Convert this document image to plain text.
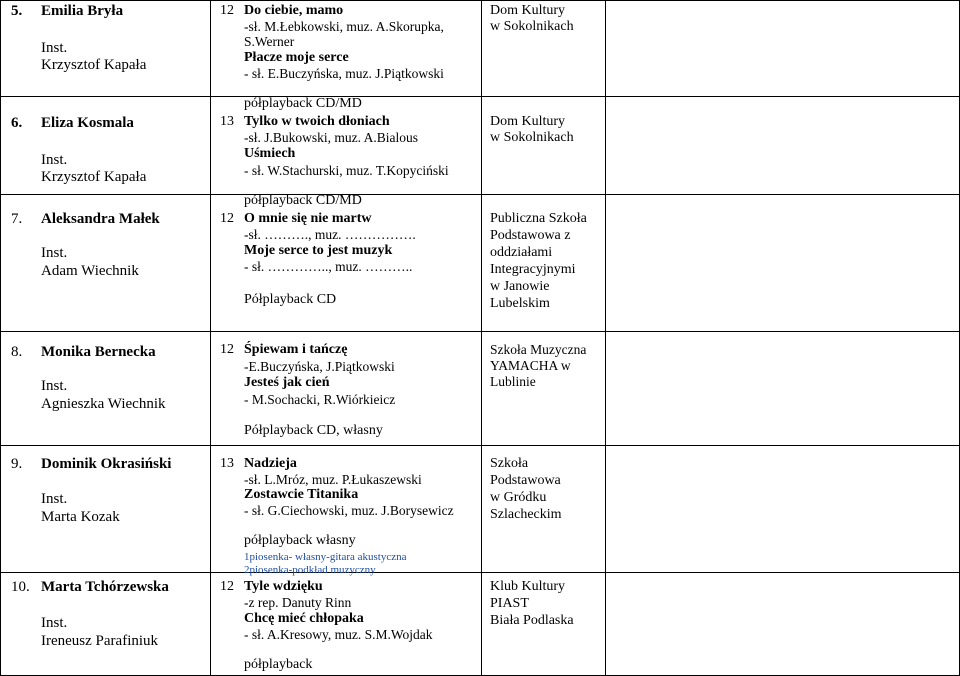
5. Emilia Bryła
Inst.
Krzysztof Kapała
12 Do ciebie, mamo
-sł. M.Łebkowski, muz. A.Skorupka,
S.Werner
Płacze moje serce
- sł. E.Buczyńska, muz. J.Piątkowski
półplayback CD/MD
Dom Kultury
w Sokolnikach
6. Eliza Kosmala
Inst.
Krzysztof Kapała
13 Tylko w twoich dłoniach
-sł. J.Bukowski, muz. A.Bialous
Uśmiech
- sł. W.Stachurski, muz. T.Kopyciński
półplayback CD/MD
Dom Kultury
w Sokolnikach
7. Aleksandra Małek
Inst.
Adam Wiechnik
12 O mnie się nie martw
-sł. ………., muz. …………….
Moje serce to jest muzyk
- sł. ………….., muz. ………..
Półplayback CD
Publiczna Szkoła
Podstawowa z
oddziałami
Integracyjnymi
w Janowie
Lubelskim
8. Monika Bernecka
Inst.
Agnieszka Wiechnik
12 Śpiewam i tańczę
-E.Buczyńska, J.Piątkowski
Jesteś jak cień
- M.Sochacki, R.Wiórkieicz
Półplayback CD, własny
Szkoła Muzyczna
YAMACHA w
Lublinie
9. Dominik Okrasiński
Inst.
Marta Kozak
13 Nadzieja
-sł. L.Mróz, muz. P.Łukaszewski
Zostawcie Titanika
- sł. G.Ciechowski, muz. J.Borysewicz
półplayback własny
1piosenka- własny-gitara akustyczna
2piosenka-podkład muzyczny
Szkoła
Podstawowa
w Gródku
Szlacheckim
10. Marta Tchórzewska
Inst.
Ireneusz Parafiniuk
12 Tyle wdzięku
-z rep. Danuty Rinn
Chcę mieć chłopaka
- sł. A.Kresowy, muz. S.M.Wojdak
półplayback
Klub Kultury
PIAST
Biała Podlaska
